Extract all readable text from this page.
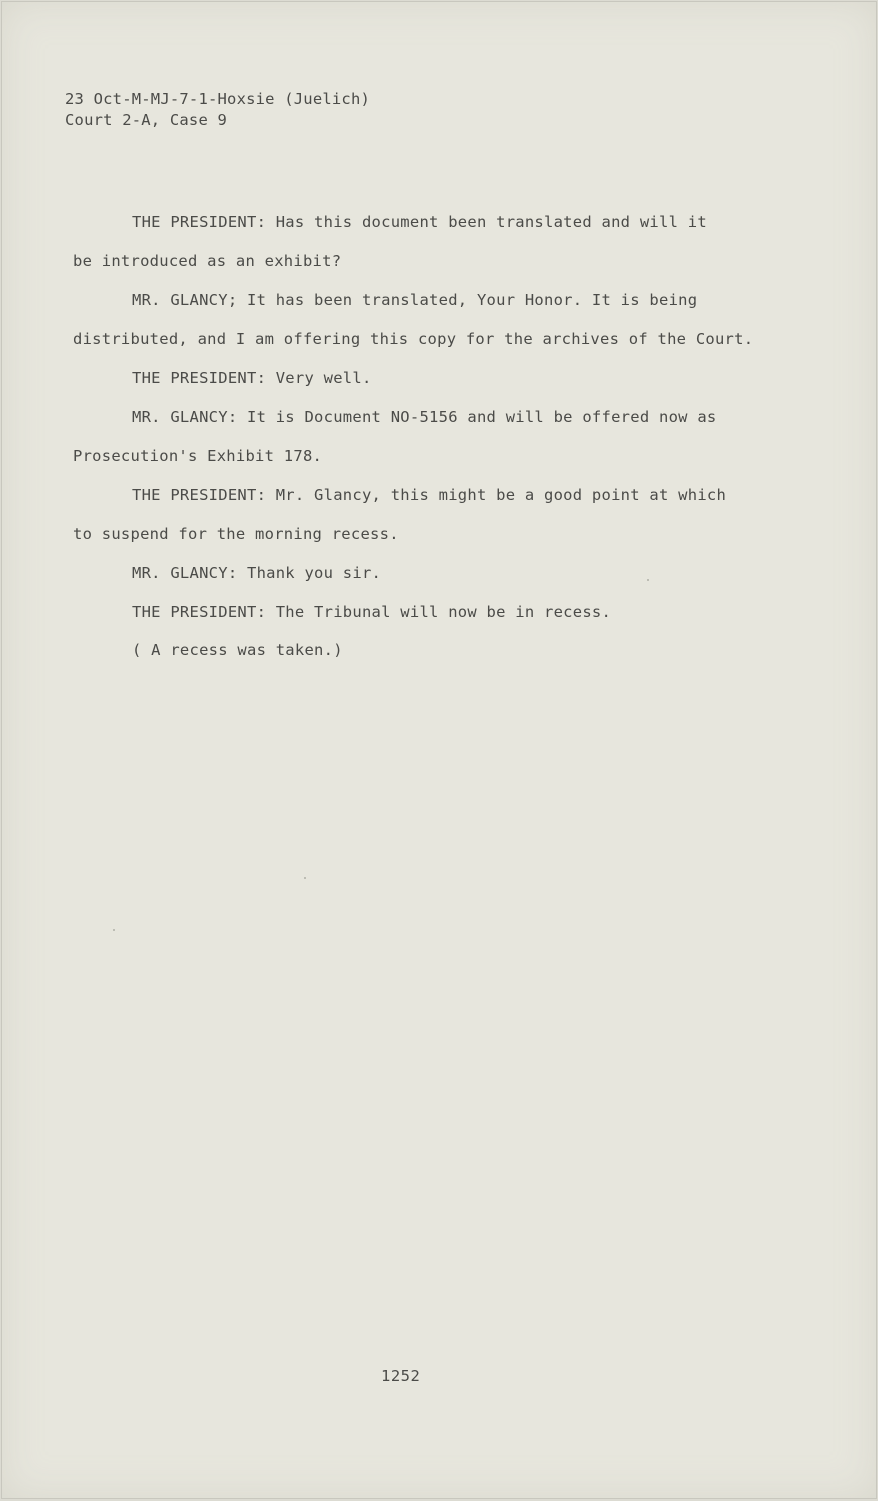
23 Oct-M-MJ-7-1-Hoxsie (Juelich)
Court 2-A, Case 9
THE PRESIDENT: Has this document been translated and will it
be introduced as an exhibit?
MR. GLANCY; It has been translated, Your Honor. It is being
distributed, and I am offering this copy for the archives of the Court.
THE PRESIDENT: Very well.
MR. GLANCY: It is Document NO-5156 and will be offered now as
Prosecution's Exhibit 178.
THE PRESIDENT: Mr. Glancy, this might be a good point at which
to suspend for the morning recess.
MR. GLANCY: Thank you sir.
THE PRESIDENT: The Tribunal will now be in recess.
( A recess was taken.)
1252
